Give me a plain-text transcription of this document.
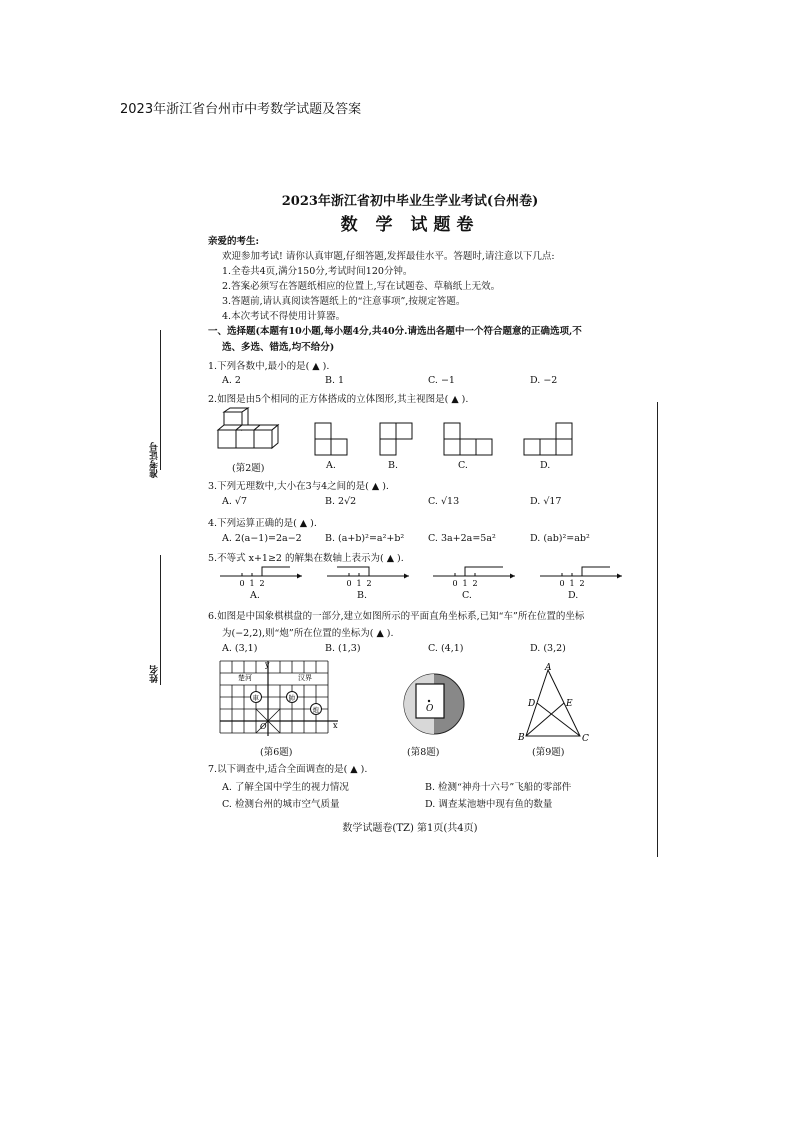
2023年浙江省台州市中考数学试题及答案
准考证号
姓名
2023年浙江省初中毕业生学业考试(台州卷)
数 学 试题卷
亲爱的考生:
欢迎参加考试! 请你认真审题,仔细答题,发挥最佳水平。答题时,请注意以下几点:
1.全卷共4页,满分150分,考试时间120分钟。
2.答案必须写在答题纸相应的位置上,写在试题卷、草稿纸上无效。
3.答题前,请认真阅读答题纸上的“注意事项”,按规定答题。
4.本次考试不得使用计算器。
一、选择题(本题有10小题,每小题4分,共40分.请选出各题中一个符合题意的正确选项,不
选、多选、错选,均不给分)
1.下列各数中,最小的是( ▲ ).
A. 2	B. 1	C. −1	D. −2
2.如图是由5个相同的正方体搭成的立体图形,其主视图是( ▲ ).
(第2题)	A.	B.	C.	D.
3.下列无理数中,大小在3与4之间的是( ▲ ).
A. √7	B. 2√2	C. √13	D. √17
4.下列运算正确的是( ▲ ).
A. 2(a−1)=2a−2 B. (a+b)²=a²+b²	C. 3a+2a=5a²	D. (ab)²=ab²
5.不等式 x+1≥2 的解集在数轴上表示为( ▲ ).
0 1 2	0 1 2	0 1 2	0 1 2
A.	B.	C.	D.
6.如图是中国象棋棋盘的一部分,建立如图所示的平面直角坐标系,已知“车”所在位置的坐标
为(−2,2),则“炮”所在位置的坐标为( ▲ ).
A. (3,1)	B. (1,3)	C. (4,1)	D. (3,2)
y
x
O
楚河	汉界
車	帥
炮
(第6题)
O
(第8题)
A
B	C
D	E
(第9题)
7.以下调查中,适合全面调查的是( ▲ ).
A. 了解全国中学生的视力情况	B. 检测“神舟十六号”飞船的零部件
C. 检测台州的城市空气质量	D. 调查某池塘中现有鱼的数量
数学试题卷(TZ) 第1页(共4页)
